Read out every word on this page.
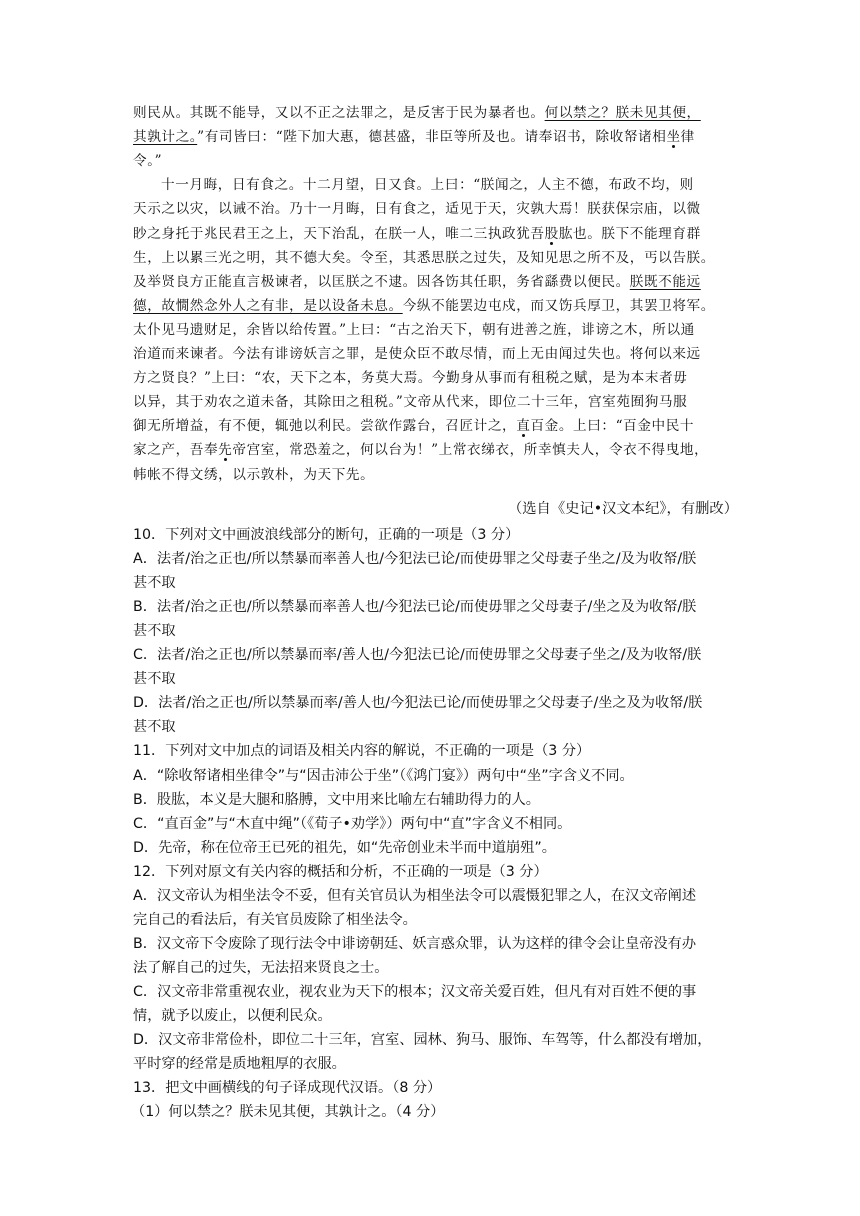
则民从。其既不能导，又以不正之法罪之，是反害于民为暴者也。何以禁之？朕未见其便，
其孰计之。”有司皆曰：“陛下加大惠，德甚盛，非臣等所及也。请奉诏书，除收帑诸相坐律
令。”
十一月晦，日有食之。十二月望，日又食。上曰：“朕闻之，人主不德，布政不均，则
天示之以灾，以诫不治。乃十一月晦，日有食之，适见于天，灾孰大焉！朕获保宗庙，以微
眇之身托于兆民君王之上，天下治乱，在朕一人，唯二三执政犹吾股肱也。朕下不能理育群
生，上以累三光之明，其不德大矣。令至，其悉思朕之过失，及知见思之所不及，丐以告朕。
及举贤良方正能直言极谏者，以匡朕之不逮。因各饬其任职，务省繇费以便民。朕既不能远
德，故憪然念外人之有非，是以设备未息。今纵不能罢边屯戍，而又饬兵厚卫，其罢卫将军。
太仆见马遗财足，余皆以给传置。”上曰：“古之治天下，朝有进善之旌，诽谤之木，所以通
治道而来谏者。今法有诽谤妖言之罪，是使众臣不敢尽情，而上无由闻过失也。将何以来远
方之贤良？”上曰：“农，天下之本，务莫大焉。今勤身从事而有租税之赋，是为本末者毋
以异，其于劝农之道未备，其除田之租税。”文帝从代来，即位二十三年，宫室苑囿狗马服
御无所增益，有不便，辄弛以利民。尝欲作露台，召匠计之，直百金。上曰：“百金中民十
家之产，吾奉先帝宫室，常恐羞之，何以台为！”上常衣绨衣，所幸慎夫人，令衣不得曳地，
帏帐不得文绣，以示敦朴，为天下先。
（选自《史记•汉文本纪》，有删改）
10．下列对文中画波浪线部分的断句，正确的一项是（3 分）
A．法者/治之正也/所以禁暴而率善人也/今犯法已论/而使毋罪之父母妻子坐之/及为收帑/朕
甚不取
B．法者/治之正也/所以禁暴而率善人也/今犯法已论/而使毋罪之父母妻子/坐之及为收帑/朕
甚不取
C．法者/治之正也/所以禁暴而率/善人也/今犯法已论/而使毋罪之父母妻子坐之/及为收帑/朕
甚不取
D．法者/治之正也/所以禁暴而率/善人也/今犯法已论/而使毋罪之父母妻子/坐之及为收帑/朕
甚不取
11．下列对文中加点的词语及相关内容的解说，不正确的一项是（3 分）
A．“除收帑诸相坐律令”与“因击沛公于坐”（《鸿门宴》）两句中“坐”字含义不同。
B．股肱，本义是大腿和胳膊，文中用来比喻左右辅助得力的人。
C．“直百金”与“木直中绳”（《荀子•劝学》）两句中“直”字含义不相同。
D．先帝，称在位帝王已死的祖先，如“先帝创业未半而中道崩殂”。
12．下列对原文有关内容的概括和分析，不正确的一项是（3 分）
A．汉文帝认为相坐法令不妥，但有关官员认为相坐法令可以震慑犯罪之人，在汉文帝阐述
完自己的看法后，有关官员废除了相坐法令。
B．汉文帝下令废除了现行法令中诽谤朝廷、妖言惑众罪，认为这样的律令会让皇帝没有办
法了解自己的过失，无法招来贤良之士。
C．汉文帝非常重视农业，视农业为天下的根本；汉文帝关爱百姓，但凡有对百姓不便的事
情，就予以废止，以便利民众。
D．汉文帝非常俭朴，即位二十三年，宫室、园林、狗马、服饰、车驾等，什么都没有增加，
平时穿的经常是质地粗厚的衣服。
13．把文中画横线的句子译成现代汉语。（8 分）
（1）何以禁之？朕未见其便，其孰计之。（4 分）
